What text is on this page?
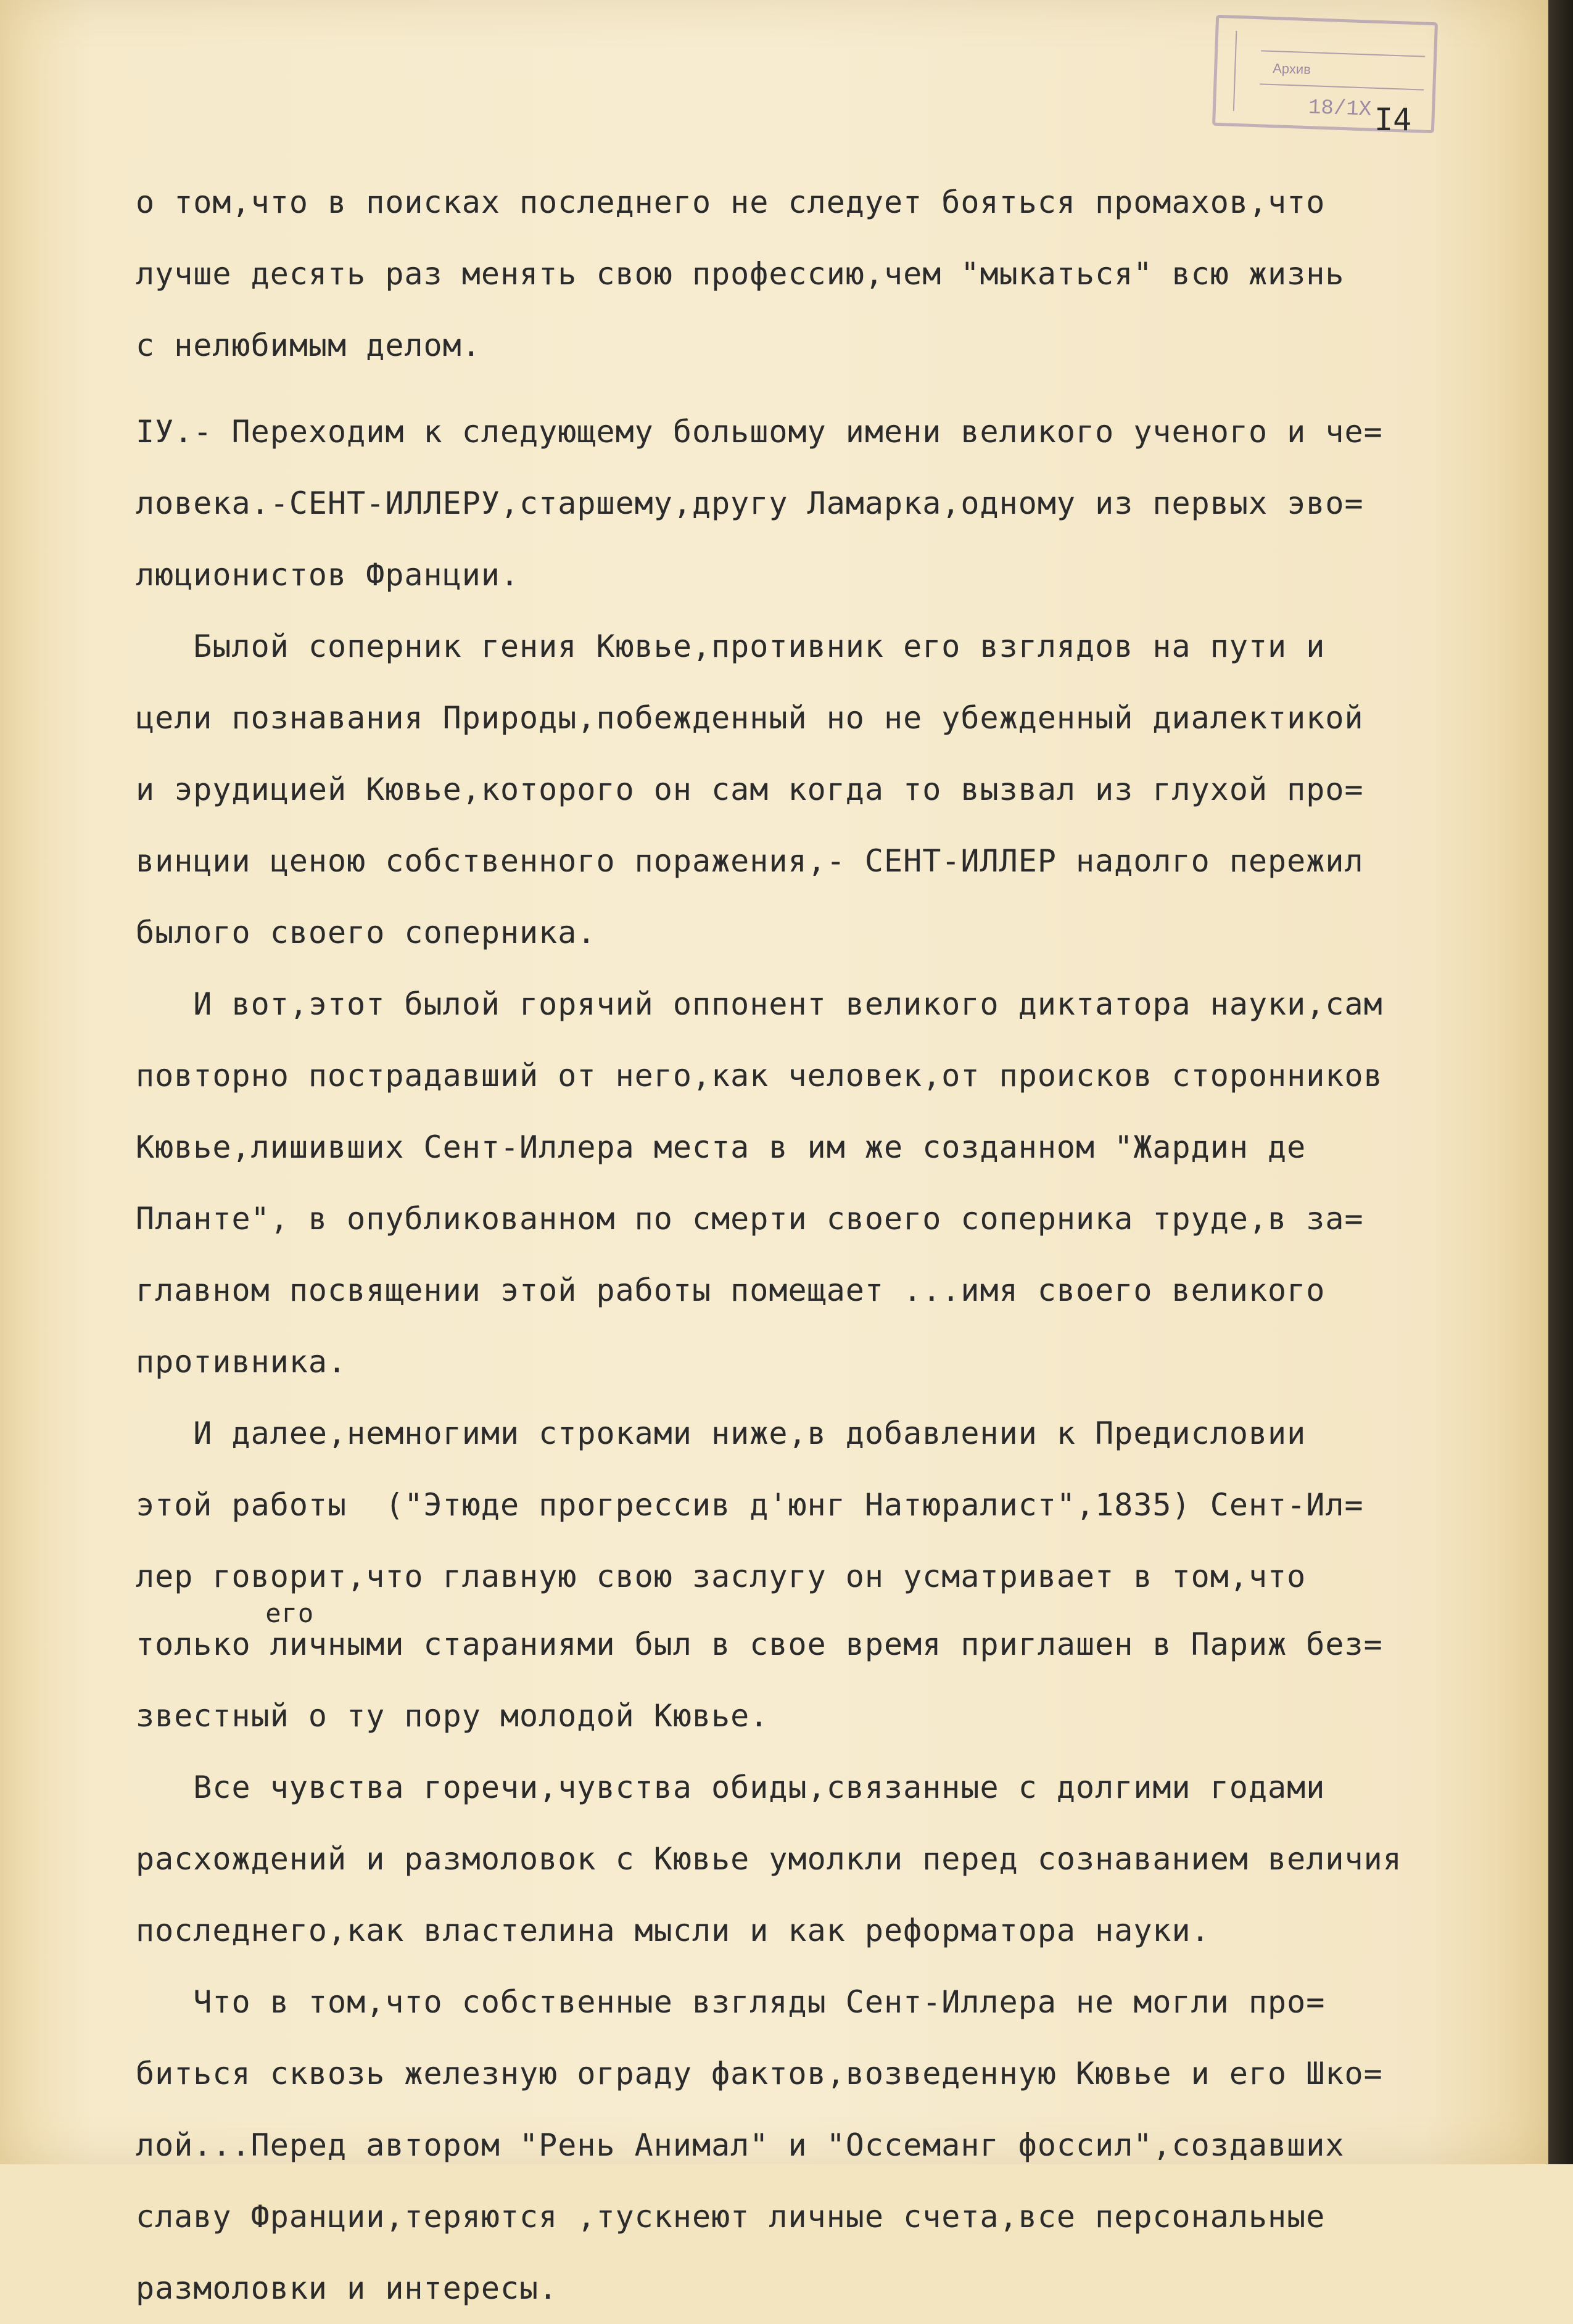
Архив
18/1Х I4
о том,что в поисках последнего не следует бояться промахов,что
лучше десять раз менять свою профессию,чем "мыкаться" всю жизнь
с нелюбимым делом.
IУ.- Переходим к следующему большому имени великого ученого и че=
ловека.-СЕНТ-ИЛЛЕРУ,старшему,другу Ламарка,одному из первых эво=
люционистов Франции.
Былой соперник гения Кювье,противник его взглядов на пути и
цели познавания Природы,побежденный но не убежденный диалектикой
и эрудицией Кювье,которого он сам когда то вызвал из глухой про=
винции ценою собственного поражения,- СЕНТ-ИЛЛЕР надолго пережил
былого своего соперника.
И вот,этот былой горячий оппонент великого диктатора науки,сам
повторно пострадавший от него,как человек,от происков сторонников
Кювье,лишивших Сент-Иллера места в им же созданном "Жардин де
Планте", в опубликованном по смерти своего соперника труде,в за=
главном посвящении этой работы помещает ...имя своего великого
противника.
И далее,немногими строками ниже,в добавлении к Предисловии
этой работы  ("Этюде прогрессив д'юнг Натюралист",1835) Сент-Ил=
лер говорит,что главную свою заслугу он усматривает в том,что
его
только личными стараниями был в свое время приглашен в Париж без=
звестный о ту пору молодой Кювье.
Все чувства горечи,чувства обиды,связанные с долгими годами
расхождений и размоловок с Кювье умолкли перед сознаванием величия
последнего,как властелина мысли и как реформатора науки.
Что в том,что собственные взгляды Сент-Иллера не могли про=
биться сквозь железную ограду фактов,возведенную Кювье и его Шко=
лой...Перед автором "Рень Анимал" и "Оссеманг фоссил",создавших
славу Франции,теряются ,тускнеют личные счета,все персональные
размоловки и интересы.
